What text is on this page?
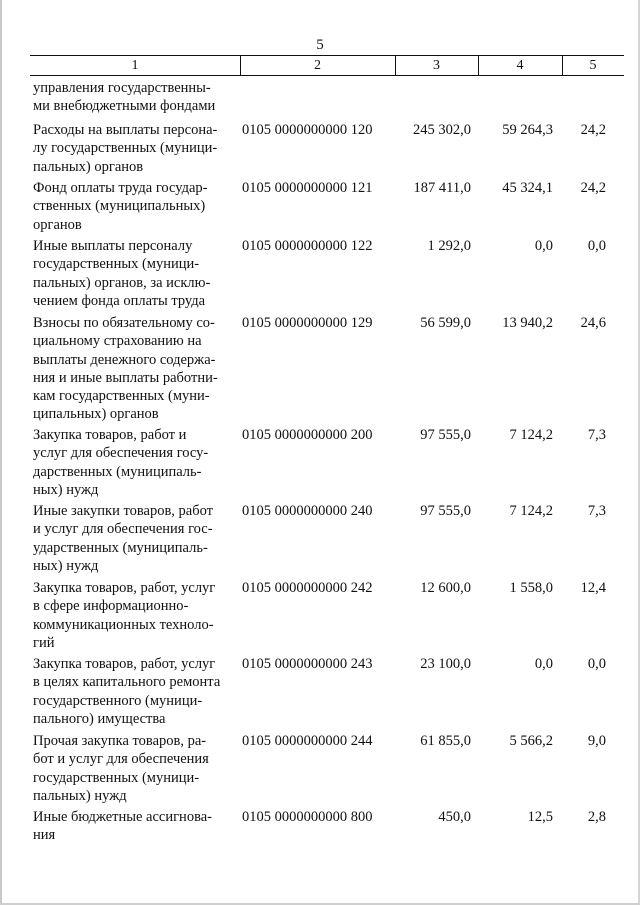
5
1	2	3	4	5
управления государственны-
ми внебюджетными фондами
Расходы на выплаты персона-
лу государственных (муници-
пальных) органов
0105 0000000000 120	245 302,0	59 264,3	24,2
Фонд оплаты труда государ-
ственных (муниципальных)
органов
0105 0000000000 121	187 411,0	45 324,1	24,2
Иные выплаты персоналу
государственных (муници-
пальных) органов, за исклю-
чением фонда оплаты труда
0105 0000000000 122	1 292,0	0,0	0,0
Взносы по обязательному со-
циальному страхованию на
выплаты денежного содержа-
ния и иные выплаты работни-
кам государственных (муни-
ципальных) органов
0105 0000000000 129	56 599,0	13 940,2	24,6
Закупка товаров, работ и
услуг для обеспечения госу-
дарственных (муниципаль-
ных) нужд
0105 0000000000 200	97 555,0	7 124,2	7,3
Иные закупки товаров, работ
и услуг для обеспечения гос-
ударственных (муниципаль-
ных) нужд
0105 0000000000 240	97 555,0	7 124,2	7,3
Закупка товаров, работ, услуг
в сфере информационно-
коммуникационных техноло-
гий
0105 0000000000 242	12 600,0	1 558,0	12,4
Закупка товаров, работ, услуг
в целях капитального ремонта
государственного (муници-
пального) имущества
0105 0000000000 243	23 100,0	0,0	0,0
Прочая закупка товаров, ра-
бот и услуг для обеспечения
государственных (муници-
пальных) нужд
0105 0000000000 244	61 855,0	5 566,2	9,0
Иные бюджетные ассигнова-
ния
0105 0000000000 800	450,0	12,5	2,8
